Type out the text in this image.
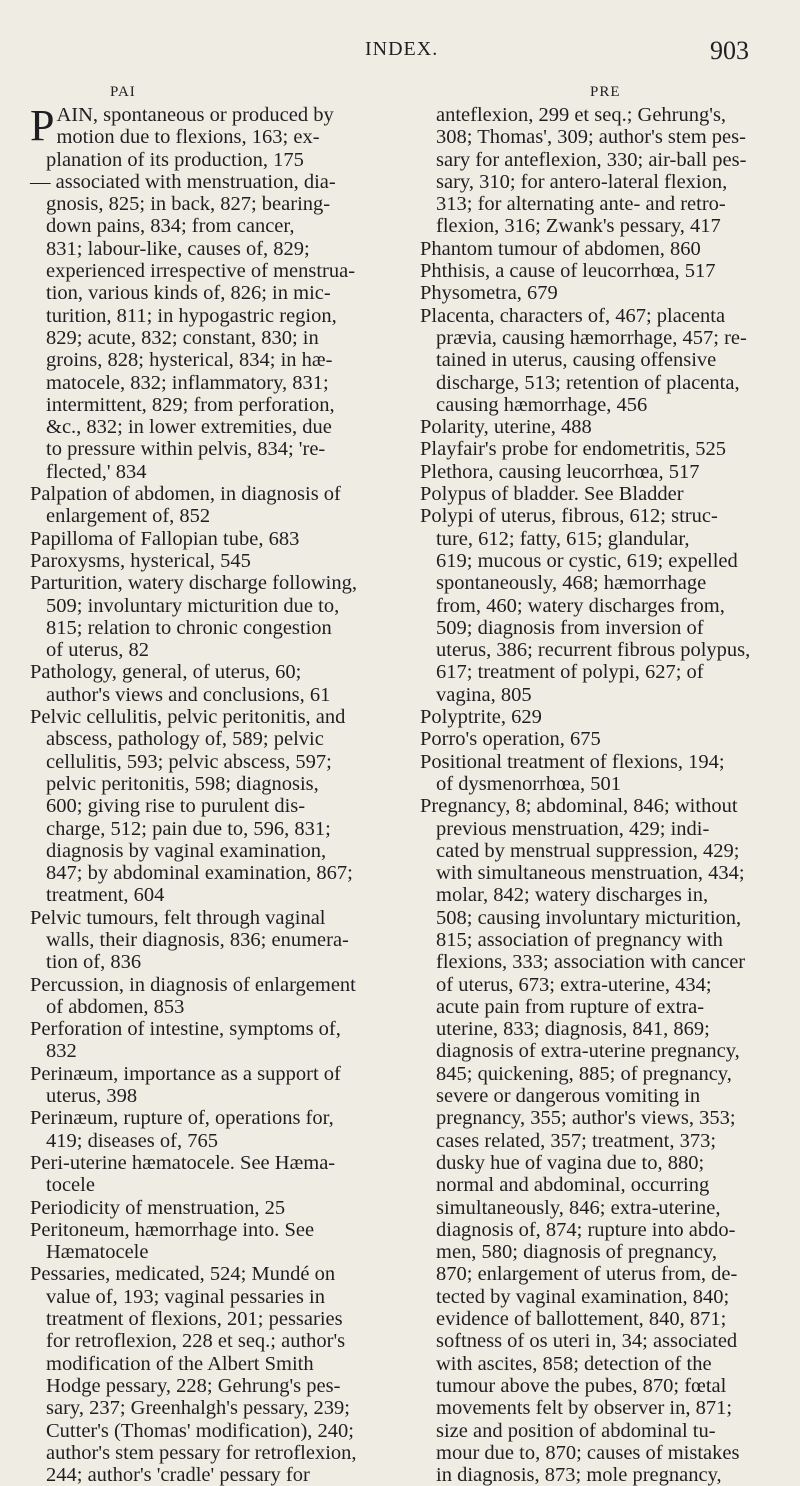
INDEX.	903
PAI
P AIN, spontaneous or produced by
motion due to flexions, 163; ex-
planation of its production, 175
— associated with menstruation, dia-
gnosis, 825; in back, 827; bearing-
down pains, 834; from cancer,
831; labour-like, causes of, 829;
experienced irrespective of menstrua-
tion, various kinds of, 826; in mic-
turition, 811; in hypogastric region,
829; acute, 832; constant, 830; in
groins, 828; hysterical, 834; in hæ-
matocele, 832; inflammatory, 831;
intermittent, 829; from perforation,
&c., 832; in lower extremities, due
to pressure within pelvis, 834; 're-
flected,' 834
Palpation of abdomen, in diagnosis of
enlargement of, 852
Papilloma of Fallopian tube, 683
Paroxysms, hysterical, 545
Parturition, watery discharge following,
509; involuntary micturition due to,
815; relation to chronic congestion
of uterus, 82
Pathology, general, of uterus, 60;
author's views and conclusions, 61
Pelvic cellulitis, pelvic peritonitis, and
abscess, pathology of, 589; pelvic
cellulitis, 593; pelvic abscess, 597;
pelvic peritonitis, 598; diagnosis,
600; giving rise to purulent dis-
charge, 512; pain due to, 596, 831;
diagnosis by vaginal examination,
847; by abdominal examination, 867;
treatment, 604
Pelvic tumours, felt through vaginal
walls, their diagnosis, 836; enumera-
tion of, 836
Percussion, in diagnosis of enlargement
of abdomen, 853
Perforation of intestine, symptoms of,
832
Perinæum, importance as a support of
uterus, 398
Perinæum, rupture of, operations for,
419; diseases of, 765
Peri-uterine hæmatocele. See Hæma-
tocele
Periodicity of menstruation, 25
Peritoneum, hæmorrhage into. See
Hæmatocele
Pessaries, medicated, 524; Mundé on
value of, 193; vaginal pessaries in
treatment of flexions, 201; pessaries
for retroflexion, 228 et seq.; author's
modification of the Albert Smith
Hodge pessary, 228; Gehrung's pes-
sary, 237; Greenhalgh's pessary, 239;
Cutter's (Thomas' modification), 240;
author's stem pessary for retroflexion,
244; author's 'cradle' pessary for
PRE
anteflexion, 299 et seq.; Gehrung's,
308; Thomas', 309; author's stem pes-
sary for anteflexion, 330; air-ball pes-
sary, 310; for antero-lateral flexion,
313; for alternating ante- and retro-
flexion, 316; Zwank's pessary, 417
Phantom tumour of abdomen, 860
Phthisis, a cause of leucorrhœa, 517
Physometra, 679
Placenta, characters of, 467; placenta
prævia, causing hæmorrhage, 457; re-
tained in uterus, causing offensive
discharge, 513; retention of placenta,
causing hæmorrhage, 456
Polarity, uterine, 488
Playfair's probe for endometritis, 525
Plethora, causing leucorrhœa, 517
Polypus of bladder. See Bladder
Polypi of uterus, fibrous, 612; struc-
ture, 612; fatty, 615; glandular,
619; mucous or cystic, 619; expelled
spontaneously, 468; hæmorrhage
from, 460; watery discharges from,
509; diagnosis from inversion of
uterus, 386; recurrent fibrous polypus,
617; treatment of polypi, 627; of
vagina, 805
Polyptrite, 629
Porro's operation, 675
Positional treatment of flexions, 194;
of dysmenorrhœa, 501
Pregnancy, 8; abdominal, 846; without
previous menstruation, 429; indi-
cated by menstrual suppression, 429;
with simultaneous menstruation, 434;
molar, 842; watery discharges in,
508; causing involuntary micturition,
815; association of pregnancy with
flexions, 333; association with cancer
of uterus, 673; extra-uterine, 434;
acute pain from rupture of extra-
uterine, 833; diagnosis, 841, 869;
diagnosis of extra-uterine pregnancy,
845; quickening, 885; of pregnancy,
severe or dangerous vomiting in
pregnancy, 355; author's views, 353;
cases related, 357; treatment, 373;
dusky hue of vagina due to, 880;
normal and abdominal, occurring
simultaneously, 846; extra-uterine,
diagnosis of, 874; rupture into abdo-
men, 580; diagnosis of pregnancy,
870; enlargement of uterus from, de-
tected by vaginal examination, 840;
evidence of ballottement, 840, 871;
softness of os uteri in, 34; associated
with ascites, 858; detection of the
tumour above the pubes, 870; fœtal
movements felt by observer in, 871;
size and position of abdominal tu-
mour due to, 870; causes of mistakes
in diagnosis, 873; mole pregnancy,
